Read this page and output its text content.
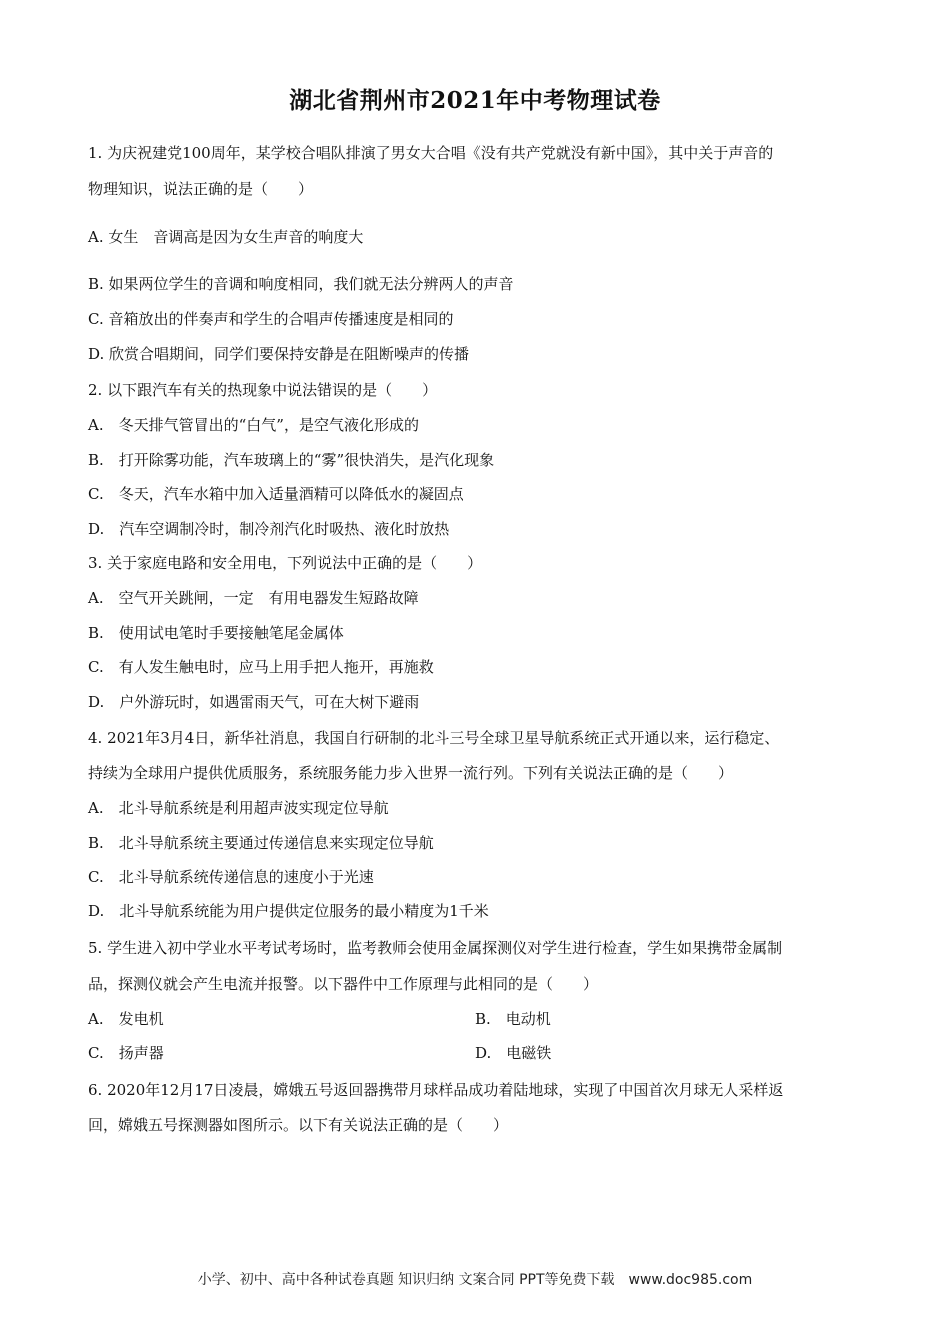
湖北省荆州市2021年中考物理试卷
1. 为庆祝建党100周年，某学校合唱队排演了男女大合唱《没有共产党就没有新中国》，其中关于声音的
物理知识，说法正确的是（　　）
A. 女生　音调高是因为女生声音的响度大
B. 如果两位学生的音调和响度相同，我们就无法分辨两人的声音
C. 音箱放出的伴奏声和学生的合唱声传播速度是相同的
D. 欣赏合唱期间，同学们要保持安静是在阻断噪声的传播
2. 以下跟汽车有关的热现象中说法错误的是（　　）
A.　冬天排气管冒出的“白气”，是空气液化形成的
B.　打开除雾功能，汽车玻璃上的“雾”很快消失，是汽化现象
C.　冬天，汽车水箱中加入适量酒精可以降低水的凝固点
D.　汽车空调制冷时，制冷剂汽化时吸热、液化时放热
3. 关于家庭电路和安全用电，下列说法中正确的是（　　）
A.　空气开关跳闸，一定　有用电器发生短路故障
B.　使用试电笔时手要接触笔尾金属体
C.　有人发生触电时，应马上用手把人拖开，再施救
D.　户外游玩时，如遇雷雨天气，可在大树下避雨
4. 2021年3月4日，新华社消息，我国自行研制的北斗三号全球卫星导航系统正式开通以来，运行稳定、
持续为全球用户提供优质服务，系统服务能力步入世界一流行列。下列有关说法正确的是（　　）
A.　北斗导航系统是利用超声波实现定位导航
B.　北斗导航系统主要通过传递信息来实现定位导航
C.　北斗导航系统传递信息的速度小于光速
D.　北斗导航系统能为用户提供定位服务的最小精度为1千米
5. 学生进入初中学业水平考试考场时，监考教师会使用金属探测仪对学生进行检查，学生如果携带金属制
品，探测仪就会产生电流并报警。以下器件中工作原理与此相同的是（　　）
A.　发电机	B.　电动机
C.　扬声器	D.　电磁铁
6. 2020年12月17日凌晨，嫦娥五号返回器携带月球样品成功着陆地球，实现了中国首次月球无人采样返
回，嫦娥五号探测器如图所示。以下有关说法正确的是（　　）
小学、初中、高中各种试卷真题 知识归纳 文案合同 PPT等免费下载　www.doc985.com
